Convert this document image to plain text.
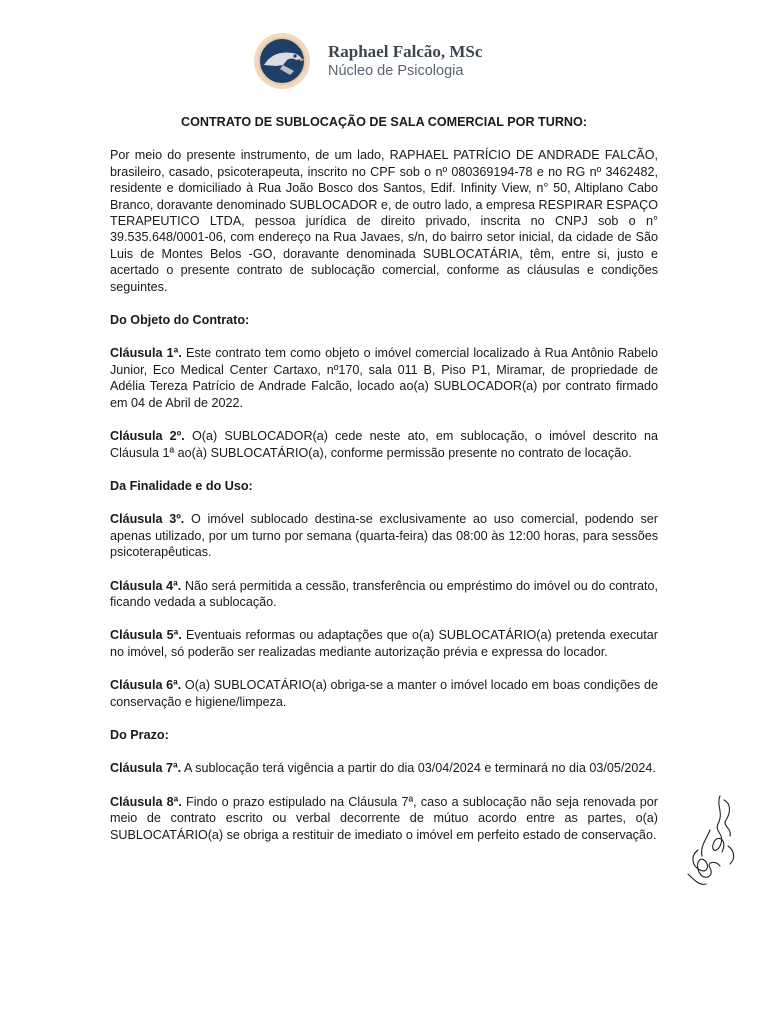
Raphael Falcão, MSc
Núcleo de Psicologia
CONTRATO DE SUBLOCAÇÃO DE SALA COMERCIAL POR TURNO:

Por meio do presente instrumento, de um lado, RAPHAEL PATRÍCIO DE ANDRADE FALCÃO, brasileiro, casado, psicoterapeuta, inscrito no CPF sob o nº 080369194-78 e no RG nº 3462482, residente e domiciliado à Rua João Bosco dos Santos, Edif. Infinity View, n° 50, Altiplano Cabo Branco, doravante denominado SUBLOCADOR e, de outro lado, a empresa RESPIRAR ESPAÇO TERAPEUTICO LTDA, pessoa jurídica de direito privado, inscrita no CNPJ sob o n° 39.535.648/0001-06, com endereço na Rua Javaes, s/n, do bairro setor inicial, da cidade de São Luis de Montes Belos -GO, doravante denominada SUBLOCATÁRIA, têm, entre si, justo e acertado o presente contrato de sublocação comercial, conforme as cláusulas e condições seguintes.

Do Objeto do Contrato:

Cláusula 1ª. Este contrato tem como objeto o imóvel comercial localizado à Rua Antônio Rabelo Junior, Eco Medical Center Cartaxo, nº170, sala 011 B, Piso P1, Miramar, de propriedade de Adélia Tereza Patrício de Andrade Falcão, locado ao(a) SUBLOCADOR(a) por contrato firmado em 04 de Abril de 2022.

Cláusula 2º. O(a) SUBLOCADOR(a) cede neste ato, em sublocação, o imóvel descrito na Cláusula 1ª ao(à) SUBLOCATÁRIO(a), conforme permissão presente no contrato de locação.

Da Finalidade e do Uso:

Cláusula 3º. O imóvel sublocado destina-se exclusivamente ao uso comercial, podendo ser apenas utilizado, por um turno por semana (quarta-feira) das 08:00 às 12:00 horas, para sessões psicoterapêuticas.

Cláusula 4ª. Não será permitida a cessão, transferência ou empréstimo do imóvel ou do contrato, ficando vedada a sublocação.

Cláusula 5ª. Eventuais reformas ou adaptações que o(a) SUBLOCATÁRIO(a) pretenda executar no imóvel, só poderão ser realizadas mediante autorização prévia e expressa do locador.

Cláusula 6ª. O(a) SUBLOCATÁRIO(a) obriga-se a manter o imóvel locado em boas condições de conservação e higiene/limpeza.

Do Prazo:

Cláusula 7ª. A sublocação terá vigência a partir do dia 03/04/2024 e terminará no dia 03/05/2024.

Cláusula 8ª. Findo o prazo estipulado na Cláusula 7ª, caso a sublocação não seja renovada por meio de contrato escrito ou verbal decorrente de mútuo acordo entre as partes, o(a) SUBLOCATÁRIO(a) se obriga a restituir de imediato o imóvel em perfeito estado de conservação.
